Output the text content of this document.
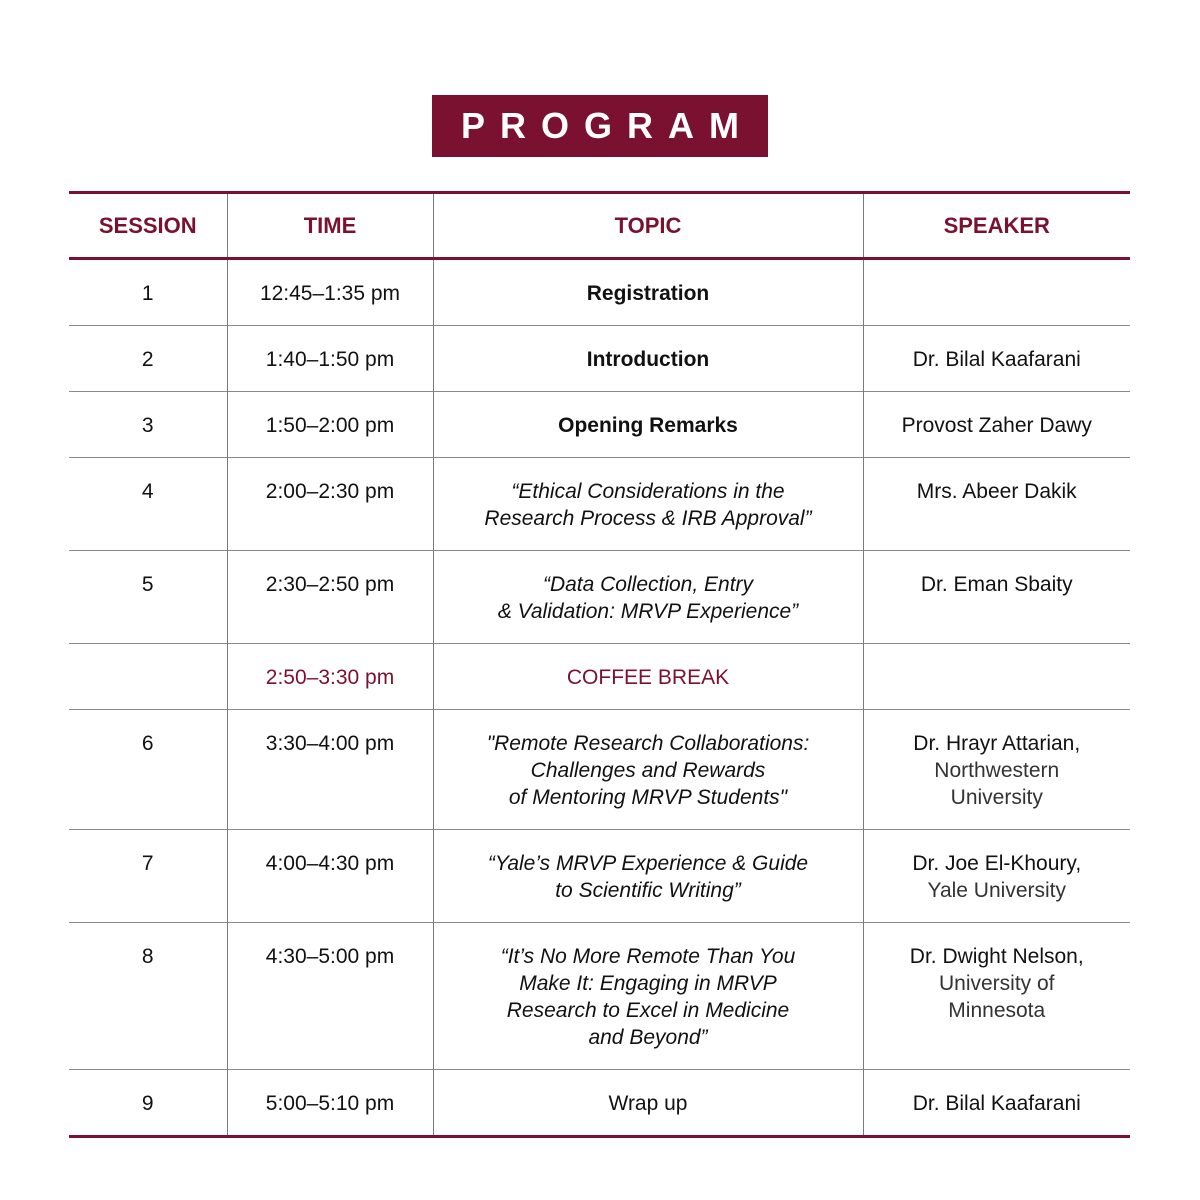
PROGRAM
SESSION	TIME	TOPIC	SPEAKER
1	12:45–1:35 pm	Registration	
2	1:40–1:50 pm	Introduction	Dr. Bilal Kaafarani
3	1:50–2:00 pm	Opening Remarks	Provost Zaher Dawy
4	2:00–2:30 pm	“Ethical Considerations in the
Research Process & IRB Approval”	Mrs. Abeer Dakik
5	2:30–2:50 pm	“Data Collection, Entry
& Validation: MRVP Experience”	Dr. Eman Sbaity
	2:50–3:30 pm	COFFEE BREAK	
6	3:30–4:00 pm	"Remote Research Collaborations:
Challenges and Rewards
of Mentoring MRVP Students"	Dr. Hrayr Attarian,
Northwestern
University

7	4:00–4:30 pm	“Yale’s MRVP Experience & Guide
to Scientific Writing”	Dr. Joe El-Khoury,
Yale University

8	4:30–5:00 pm	“It’s No More Remote Than You
Make It: Engaging in MRVP
Research to Excel in Medicine
and Beyond”	Dr. Dwight Nelson,
University of
Minnesota

9	5:00–5:10 pm	Wrap up	Dr. Bilal Kaafarani
